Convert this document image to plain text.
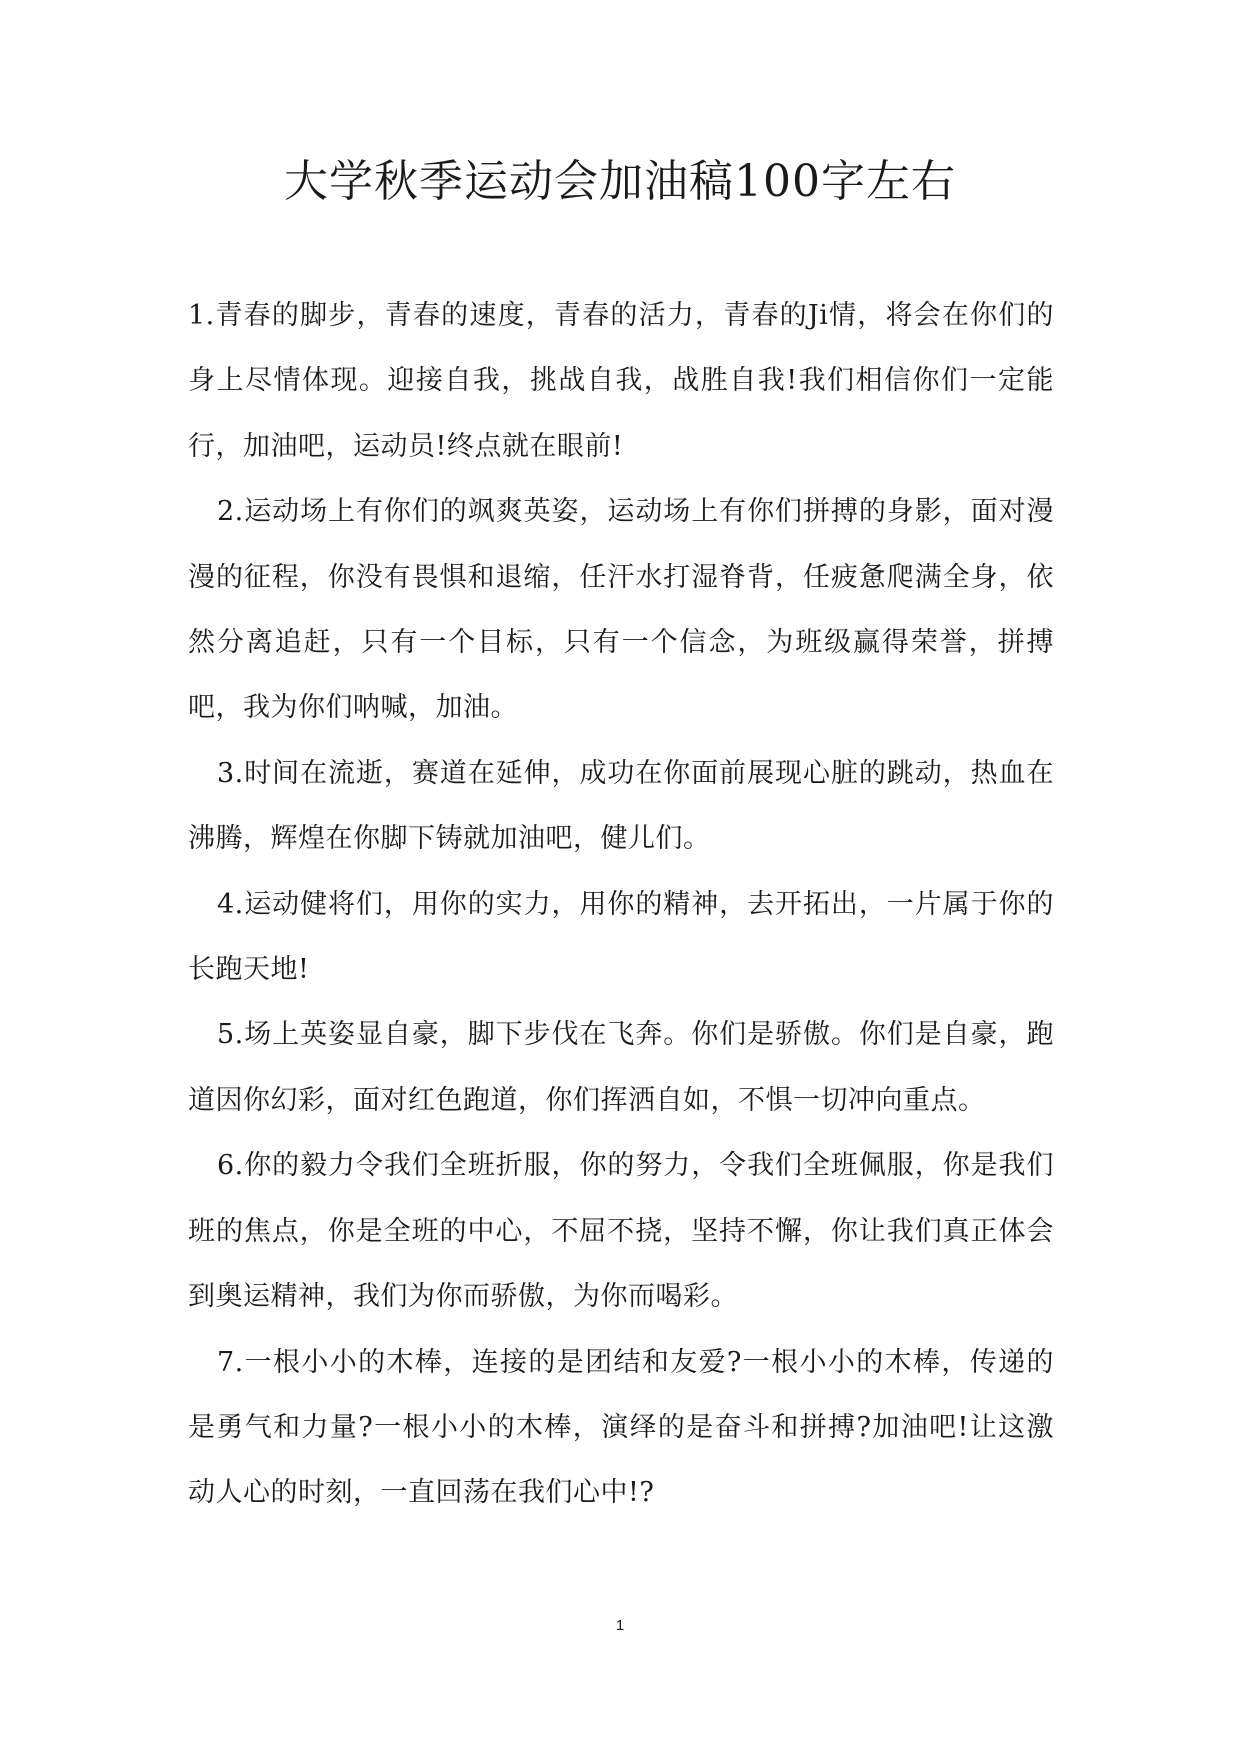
大学秋季运动会加油稿100字左右

1.青春的脚步，青春的速度，青春的活力，青春的Ji情，将会在你们的身上尽情体现。迎接自我，挑战自我，战胜自我!我们相信你们一定能行，加油吧，运动员!终点就在眼前!

2.运动场上有你们的飒爽英姿，运动场上有你们拼搏的身影，面对漫漫的征程，你没有畏惧和退缩，任汗水打湿脊背，任疲惫爬满全身，依然分离追赶，只有一个目标，只有一个信念，为班级赢得荣誉，拼搏吧，我为你们呐喊，加油。

3.时间在流逝，赛道在延伸，成功在你面前展现心脏的跳动，热血在沸腾，辉煌在你脚下铸就加油吧，健儿们。

4.运动健将们，用你的实力，用你的精神，去开拓出，一片属于你的长跑天地!

5.场上英姿显自豪，脚下步伐在飞奔。你们是骄傲。你们是自豪，跑道因你幻彩，面对红色跑道，你们挥洒自如，不惧一切冲向重点。

6.你的毅力令我们全班折服，你的努力，令我们全班佩服，你是我们班的焦点，你是全班的中心，不屈不挠，坚持不懈，你让我们真正体会到奥运精神，我们为你而骄傲，为你而喝彩。

7.一根小小的木棒，连接的是团结和友爱?一根小小的木棒，传递的是勇气和力量?一根小小的木棒，演绎的是奋斗和拼搏?加油吧!让这激动人心的时刻，一直回荡在我们心中!?

1
